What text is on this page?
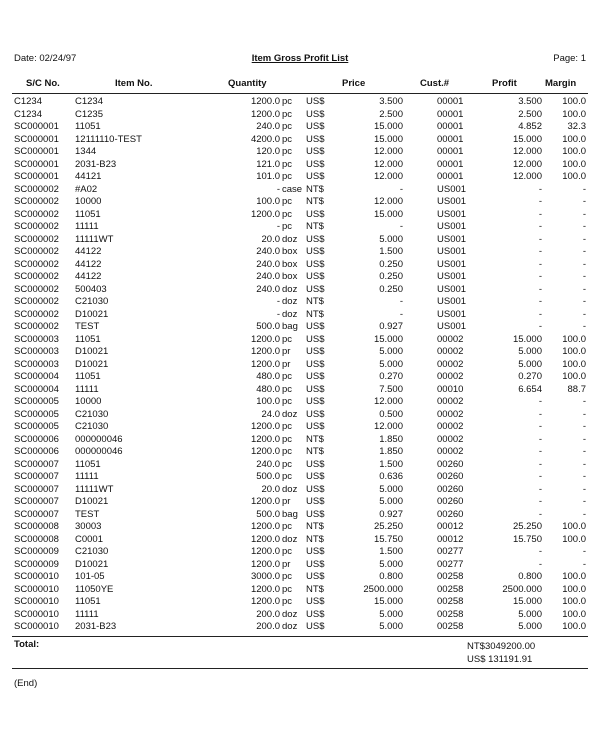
Date: 02/24/97	Item Gross Profit List	Page: 1
S/C No.	Item No.	Quantity	Price	Cust.#	Profit	Margin
C1234	C1234	1200.0 pc US$	3.500	00001	3.500 100.0
C1234	C1235	1200.0 pc US$	2.500	00001	2.500 100.0
SC000001 11051	240.0 pc US$	15.000	00001	4.852	32.3
SC000001 12111110-TEST	4200.0 pc US$	15.000	00001	15.000 100.0
SC000001 1344	120.0 pc US$	12.000	00001	12.000 100.0
SC000001 2031-B23	121.0 pc US$	12.000	00001	12.000 100.0
SC000001 44121	101.0 pc US$	12.000	00001	12.000 100.0
SC000002 #A02	- case NT$	-	US001	-	-
SC000002 10000	100.0 pc NT$	12.000	US001	-	-
SC000002 11051	1200.0 pc US$	15.000	US001	-	-
SC000002 11111	- pc NT$	-	US001	-	-
SC000002 11111WT	20.0 doz US$	5.000	US001	-	-
SC000002 44122	240.0 box US$	1.500	US001	-	-
SC000002 44122	240.0 box US$	0.250	US001	-	-
SC000002 44122	240.0 box US$	0.250	US001	-	-
SC000002 500403	240.0 doz US$	0.250	US001	-	-
SC000002 C21030	- doz NT$	-	US001	-	-
SC000002 D10021	- doz NT$	-	US001	-	-
SC000002 TEST	500.0 bag US$	0.927	US001	-	-
SC000003 11051	1200.0 pc US$	15.000	00002	15.000 100.0
SC000003 D10021	1200.0 pr US$	5.000	00002	5.000 100.0
SC000003 D10021	1200.0 pr US$	5.000	00002	5.000 100.0
SC000004 11051	480.0 pc US$	0.270	00002	0.270 100.0
SC000004 11111	480.0 pc US$	7.500	00010	6.654	88.7
SC000005 10000	100.0 pc US$	12.000	00002	-	-
SC000005 C21030	24.0 doz US$	0.500	00002	-	-
SC000005 C21030	1200.0 pc US$	12.000	00002	-	-
SC000006 000000046	1200.0 pc NT$	1.850	00002	-	-
SC000006 000000046	1200.0 pc NT$	1.850	00002	-	-
SC000007 11051	240.0 pc US$	1.500	00260	-	-
SC000007 11111	500.0 pc US$	0.636	00260	-	-
SC000007 11111WT	20.0 doz US$	5.000	00260	-	-
SC000007 D10021	1200.0 pr US$	5.000	00260	-	-
SC000007 TEST	500.0 bag US$	0.927	00260	-	-
SC000008 30003	1200.0 pc NT$	25.250	00012	25.250 100.0
SC000008 C0001	1200.0 doz NT$	15.750	00012	15.750 100.0
SC000009 C21030	1200.0 pc US$	1.500	00277	-	-
SC000009 D10021	1200.0 pr US$	5.000	00277	-	-
SC000010 101-05	3000.0 pc US$	0.800	00258	0.800 100.0
SC000010 11050YE	1200.0 pc NT$	2500.000	00258	2500.000 100.0
SC000010 11051	1200.0 pc US$	15.000	00258	15.000 100.0
SC000010 11111	200.0 doz US$	5.000	00258	5.000 100.0
SC000010 2031-B23	200.0 doz US$	5.000	00258	5.000 100.0
Total:	NT$3049200.00
US$ 131191.91
(End)
